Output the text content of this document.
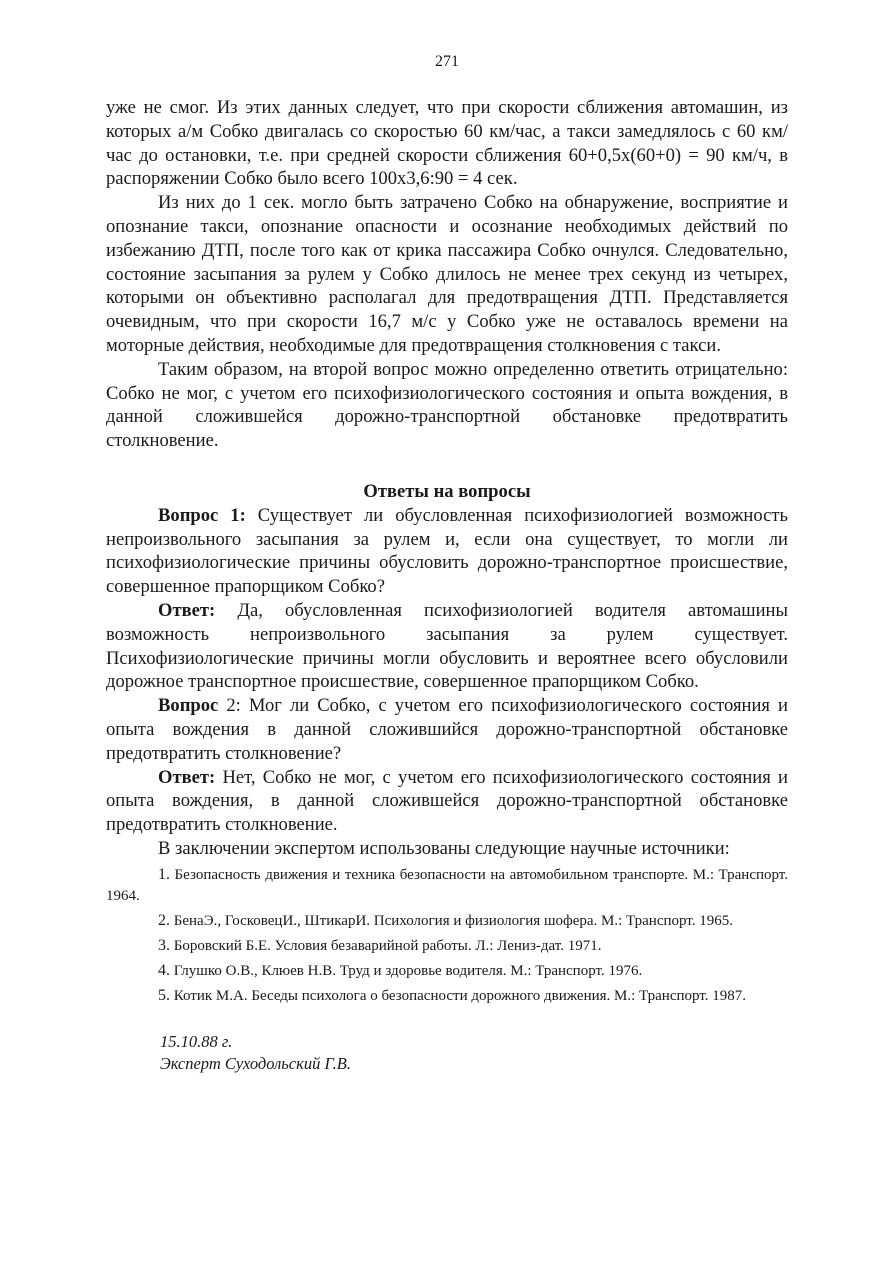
271

уже не смог. Из этих данных следует, что при скорости сближения автомашин, из которых а/м Собко двигалась со скоростью 60 км/час, а такси замедлялось с 60 км/час до остановки, т.е. при средней скорости сближения 60+0,5х(60+0) = 90 км/ч, в распоряжении Собко было всего 100х3,6:90 = 4 сек.

Из них до 1 сек. могло быть затрачено Собко на обнаружение, восприятие и опознание такси, опознание опасности и осознание необходимых действий по избежанию ДТП, после того как от крика пассажира Собко очнулся. Следовательно, состояние засыпания за рулем у Собко длилось не менее трех секунд из четырех, которыми он объективно располагал для предотвращения ДТП. Представляется очевидным, что при скорости 16,7 м/с у Собко уже не оставалось времени на моторные действия, необходимые для предотвращения столкновения с такси.

Таким образом, на второй вопрос можно определенно ответить отрицательно: Собко не мог, с учетом его психофизиологического состояния и опыта вождения, в данной сложившейся дорожно-транспортной обстановке предотвратить столкновение.

Ответы на вопросы

Вопрос 1: Существует ли обусловленная психофизиологией возможность непроизвольного засыпания за рулем и, если она существует, то могли ли психофизиологические причины обусловить дорожно-транспортное происшествие, совершенное прапорщиком Собко?

Ответ: Да, обусловленная психофизиологией водителя автомашины возможность непроизвольного засыпания за рулем существует. Психофизиологические причины могли обусловить и вероятнее всего обусловили дорожное транспортное происшествие, совершенное прапорщиком Собко.

Вопрос 2: Мог ли Собко, с учетом его психофизиологического состояния и опыта вождения в данной сложившийся дорожно-транспортной обстановке предотвратить столкновение?

Ответ: Нет, Собко не мог, с учетом его психофизиологического состояния и опыта вождения, в данной сложившейся дорожно-транспортной обстановке предотвратить столкновение.

В заключении экспертом использованы следующие научные источники:

1. Безопасность движения и техника безопасности на автомобильном транспорте. М.: Транспорт. 1964.

2. БенаЭ., ГосковецИ., ШтикарИ. Психология и физиология шофера. М.: Транспорт. 1965.

3. Боровский Б.Е. Условия безаварийной работы. Л.: Лениз-дат. 1971.

4. Глушко О.В., Клюев Н.В. Труд и здоровье водителя. М.: Транспорт. 1976.

5. Котик М.А. Беседы психолога о безопасности дорожного движения. М.: Транспорт. 1987.

15.10.88 г.
Эксперт Суходольский Г.В.
